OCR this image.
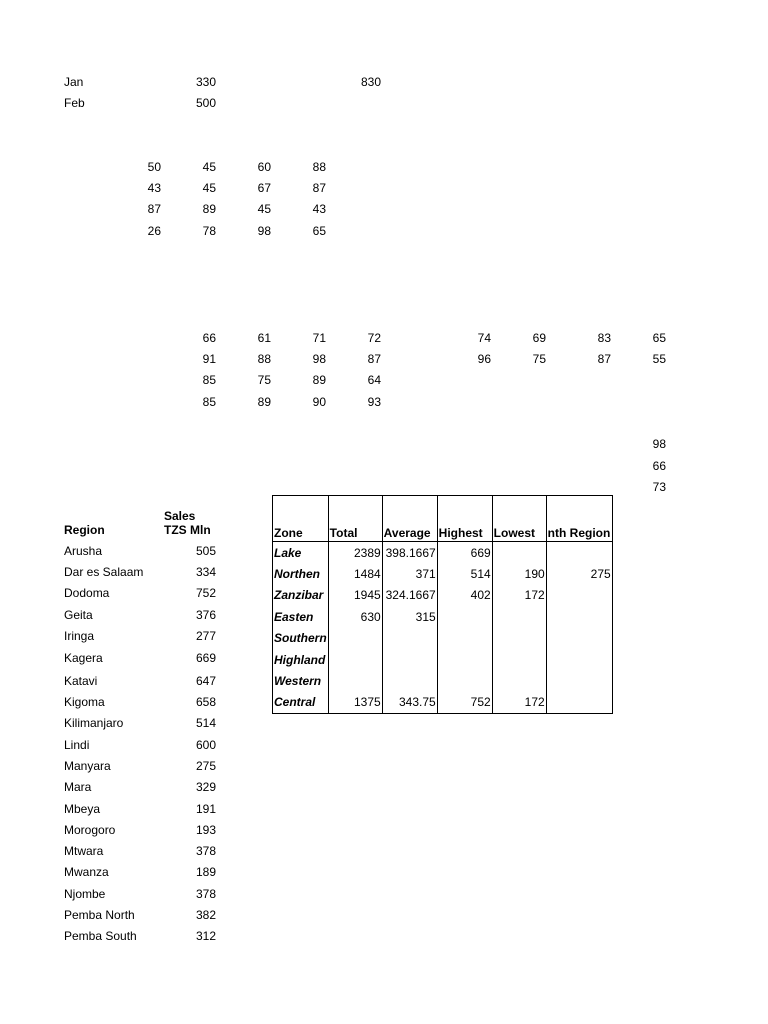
Jan	330	830
Feb	500
50	45	60	88
43	45	67	87
87	89	45	43
26	78	98	65
66	61	71	72
91	88	98	87
85	75	89	64
85	89	90	93
74	69	83	65
96	75	87	55
98
66
73
Sales
Region	TZS Mln
Arusha	505
Dar es Salaam	334
Dodoma	752
Geita	376
Iringa	277
Kagera	669
Katavi	647
Kigoma	658
Kilimanjaro	514
Lindi	600
Manyara	275
Mara	329
Mbeya	191
Morogoro	193
Mtwara	378
Mwanza	189
Njombe	378
Pemba North	382
Pemba South	312
Zone	Total	Average	Highest	Lowest	nth Region
Lake	2389	398.1667	669		
Northen	1484	371	514	190	275
Zanzibar	1945	324.1667	402	172	
Easten	630	315			
Southern					
Highland					
Western					
Central	1375	343.75	752	172	
